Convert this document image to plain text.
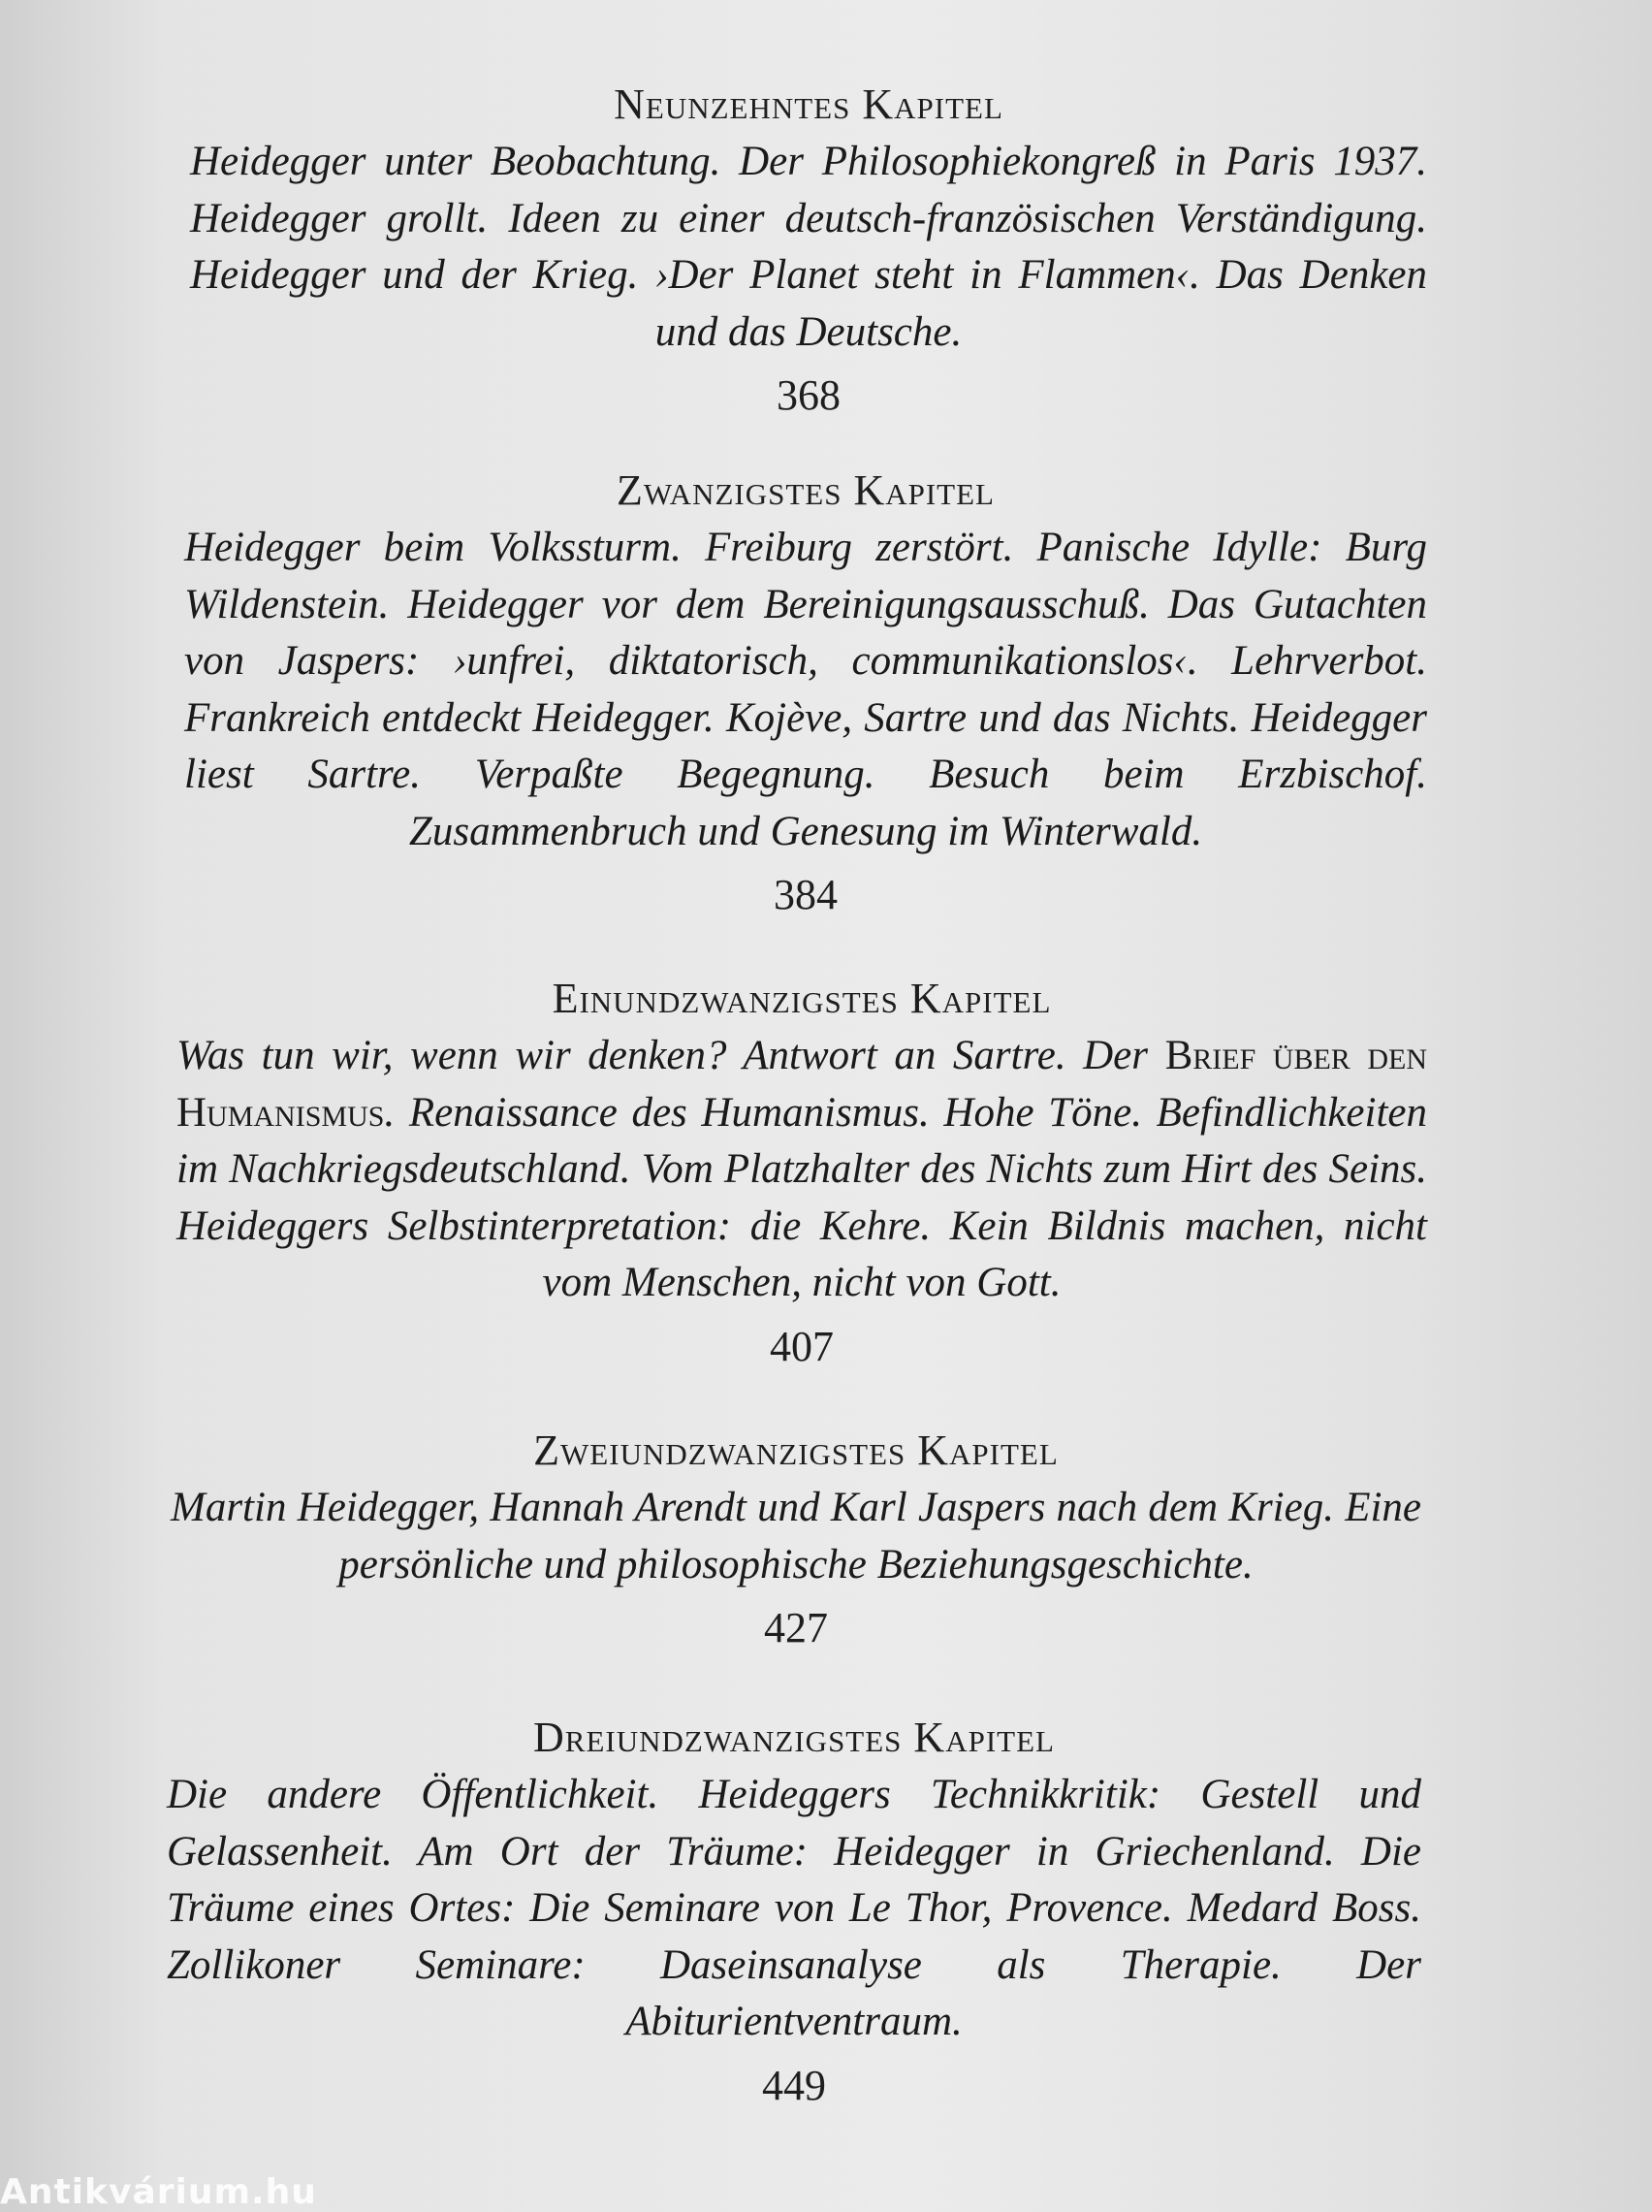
Neunzehntes Kapitel

Heidegger unter Beobachtung. Der Philosophiekongreß in Paris 1937. Heidegger grollt. Ideen zu einer deutsch-französischen Verständigung. Heidegger und der Krieg. ›Der Planet steht in Flammen‹. Das Denken und das Deutsche.

368
Zwanzigstes Kapitel

Heidegger beim Volkssturm. Freiburg zerstört. Panische Idylle: Burg Wildenstein. Heidegger vor dem Bereinigungsausschuß. Das Gutachten von Jaspers: ›unfrei, diktatorisch, communikationslos‹. Lehrverbot. Frankreich entdeckt Heidegger. Kojève, Sartre und das Nichts. Heidegger liest Sartre. Verpaßte Begegnung. Besuch beim Erzbischof. Zusammenbruch und Genesung im Winterwald.

384
Einundzwanzigstes Kapitel

Was tun wir, wenn wir denken? Antwort an Sartre. Der Brief über den Humanismus. Renaissance des Humanismus. Hohe Töne. Befindlichkeiten im Nachkriegsdeutschland. Vom Platzhalter des Nichts zum Hirt des Seins. Heideggers Selbstinterpretation: die Kehre. Kein Bildnis machen, nicht vom Menschen, nicht von Gott.

407
Zweiundzwanzigstes Kapitel

Martin Heidegger, Hannah Arendt und Karl Jaspers nach dem Krieg. Eine persönliche und philosophische Beziehungsgeschichte.

427
Dreiundzwanzigstes Kapitel

Die andere Öffentlichkeit. Heideggers Technikkritik: Gestell und Gelassenheit. Am Ort der Träume: Heidegger in Griechenland. Die Träume eines Ortes: Die Seminare von Le Thor, Provence. Medard Boss. Zollikoner Seminare: Daseinsanalyse als Therapie. Der Abiturientventraum.

449
Antikvárium.hu
